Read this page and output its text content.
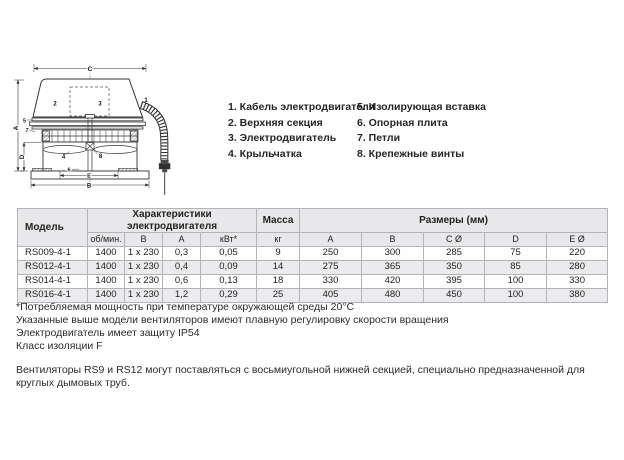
C
A
D
E
B
1
2	3
4
5
6
7
8
1. Кабель электродвигателя
2. Верхняя секция
3. Электродвигатель
4. Крыльчатка
5. Изолирующая вставка
6. Опорная плита
7. Петли
8. Крепежные винты
Модель	Характеристики электродвигателя				Масса	Размеры (мм)				
	об/мин.	В	А	кВт*	кг	A	B	C Ø	D	E Ø
RS009-4-1	1400	1 x 230	0,3	0,05	9	250	300	285	75	220
RS012-4-1	1400	1 x 230	0,4	0,09	14	275	365	350	85	280
RS014-4-1	1400	1 x 230	0,6	0,13	18	330	420	395	100	330
RS016-4-1	1400	1 x 230	1,2	0,29	25	405	480	450	100	380
*Потребляемая мощность при температуре окружающей среды 20°C
Указанные выше модели вентиляторов имеют плавную регулировку скорости вращения
Электродвигатель имеет защиту IP54
Класс изоляции F
Вентиляторы RS9 и RS12 могут поставляться с восьмиугольной нижней секцией, специально предназначенной для круглых дымовых труб.
